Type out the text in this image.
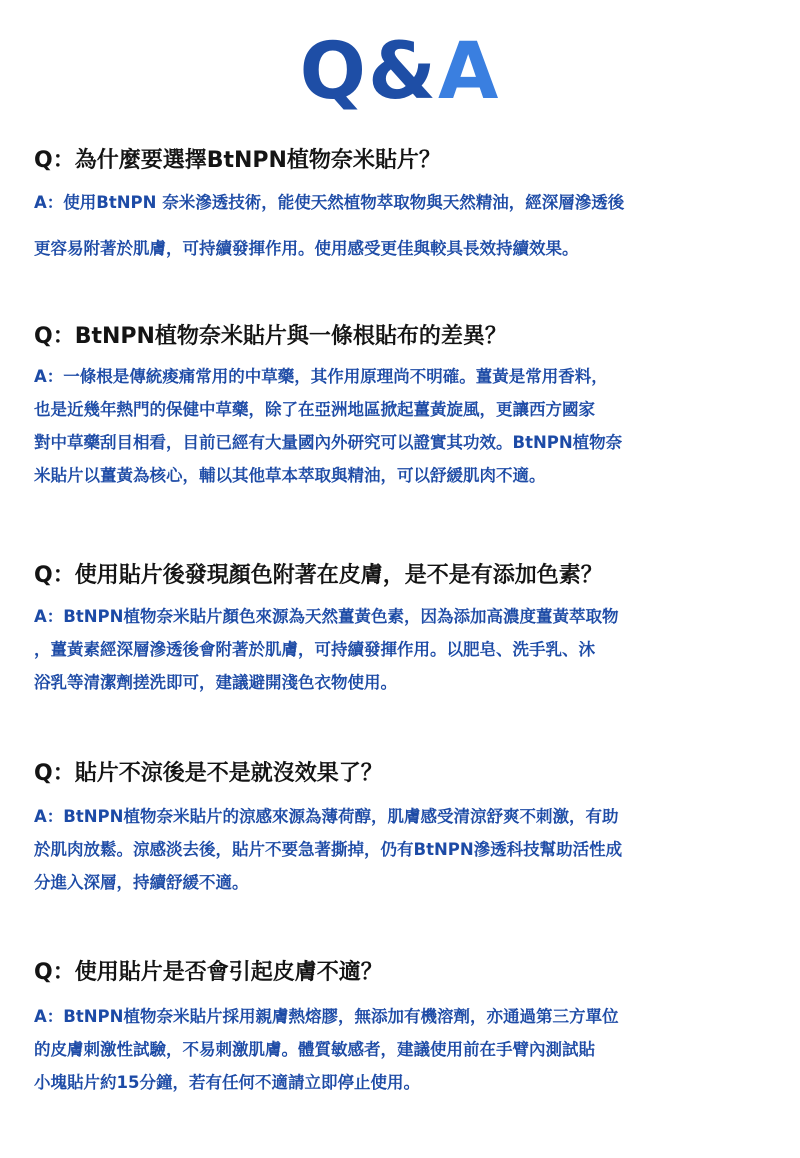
Q&A
Q：為什麼要選擇BtNPN植物奈米貼片？
A：使用BtNPN 奈米滲透技術，能使天然植物萃取物與天然精油，經深層滲透後
更容易附著於肌膚，可持續發揮作用。使用感受更佳與較具長效持續效果。
Q：BtNPN植物奈米貼片與一條根貼布的差異？
A：一條根是傳統痠痛常用的中草藥，其作用原理尚不明確。薑黃是常用香料，
也是近幾年熱門的保健中草藥，除了在亞洲地區掀起薑黃旋風，更讓西方國家
對中草藥刮目相看，目前已經有大量國內外研究可以證實其功效。BtNPN植物奈
米貼片以薑黃為核心，輔以其他草本萃取與精油，可以舒緩肌肉不適。
Q：使用貼片後發現顏色附著在皮膚，是不是有添加色素？
A：BtNPN植物奈米貼片顏色來源為天然薑黃色素，因為添加高濃度薑黃萃取物
，薑黃素經深層滲透後會附著於肌膚，可持續發揮作用。以肥皂、洗手乳、沐
浴乳等清潔劑搓洗即可，建議避開淺色衣物使用。
Q：貼片不涼後是不是就沒效果了？
A：BtNPN植物奈米貼片的涼感來源為薄荷醇，肌膚感受清涼舒爽不刺激，有助
於肌肉放鬆。涼感淡去後，貼片不要急著撕掉，仍有BtNPN滲透科技幫助活性成
分進入深層，持續舒緩不適。
Q：使用貼片是否會引起皮膚不適？
A：BtNPN植物奈米貼片採用親膚熱熔膠，無添加有機溶劑，亦通過第三方單位
的皮膚刺激性試驗，不易刺激肌膚。體質敏感者，建議使用前在手臂內測試貼
小塊貼片約15分鐘，若有任何不適請立即停止使用。
